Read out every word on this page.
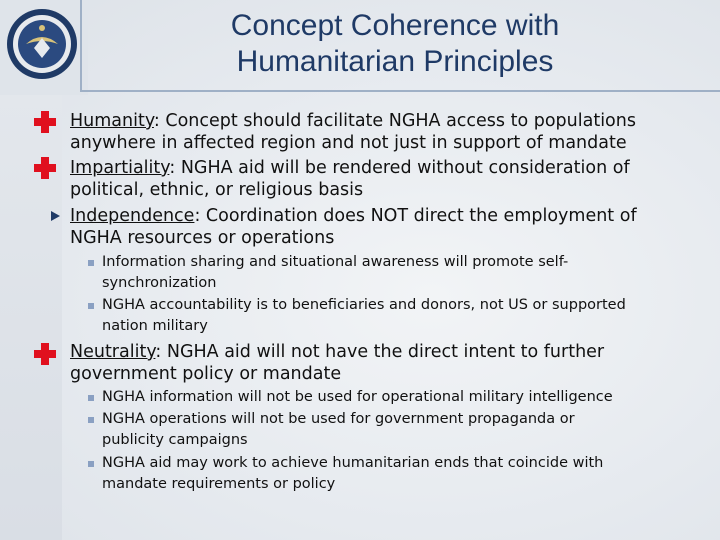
Concept Coherence with
Humanitarian Principles
Humanity: Concept should facilitate NGHA access to populations
anywhere in affected region and not just in support of mandate
Impartiality: NGHA aid will be rendered without consideration of
political, ethnic, or religious basis
Independence: Coordination does NOT direct the employment of
NGHA resources or operations
Information sharing and situational awareness will promote self-
synchronization
NGHA accountability is to beneficiaries and donors, not US or supported
nation military
Neutrality: NGHA aid will not have the direct intent to further
government policy or mandate
NGHA information will not be used for operational military intelligence
NGHA operations will not be used for government propaganda or
publicity campaigns
NGHA aid may work to achieve humanitarian ends that coincide with
mandate requirements or policy
